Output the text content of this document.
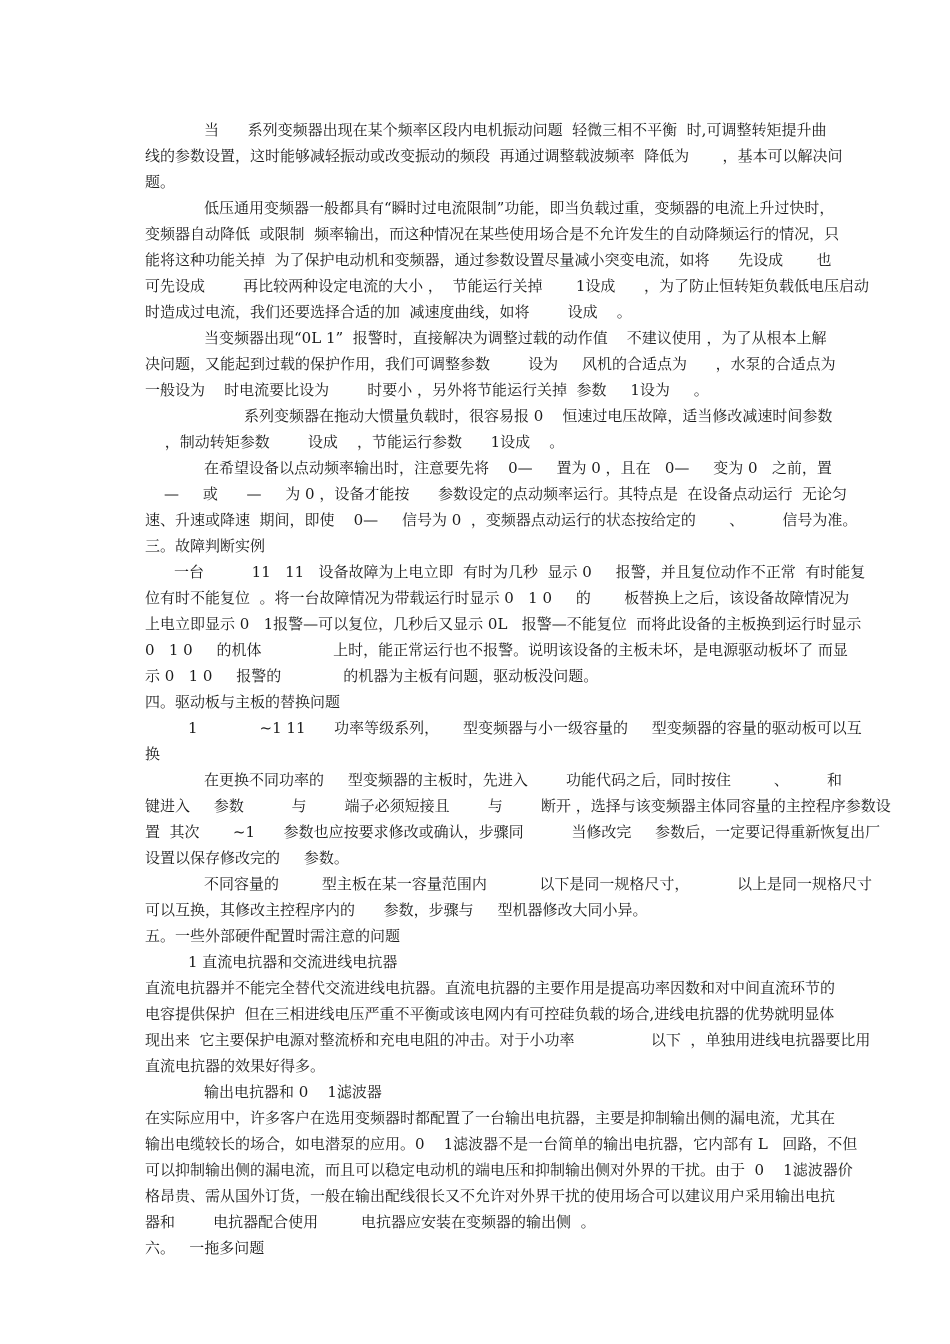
当      系列变频器出现在某个频率区段内电机振动问题  轻微三相不平衡  时,可调整转矩提升曲
线的参数设置，这时能够减轻振动或改变振动的频段  再通过调整载波频率  降低为       ，基本可以解决问
题。
低压通用变频器一般都具有“瞬时过电流限制”功能，即当负载过重，变频器的电流上升过快时，
变频器自动降低  或限制  频率输出，而这种情况在某些使用场合是不允许发生的自动降频运行的情况，只
能将这种功能关掉  为了保护电动机和变频器，通过参数设置尽量减小突变电流，如将      先设成       也
可先设成        再比较两种设定电流的大小 ，  节能运行关掉       1设成      ，为了防止恒转矩负载低电压启动
时造成过电流，我们还要选择合适的加  减速度曲线，如将        设成    。
当变频器出现“0L 1”  报警时，直接解决为调整过载的动作值    不建议使用 ，为了从根本上解
决问题，又能起到过载的保护作用，我们可调整参数        设为     风机的合适点为      ，水泵的合适点为
一般设为    时电流要比设为        时要小 ，另外将节能运行关掉  参数     1设为     。
系列变频器在拖动大惯量负载时，很容易报 0    恒速过电压故障，适当修改减速时间参数
，制动转矩参数        设成    ，节能运行参数      1设成    。
在希望设备以点动频率输出时，注意要先将    0—     置为 0 ，且在   0—     变为 0   之前，置
—     或      —     为 0 ，设备才能按      参数设定的点动频率运行。其特点是  在设备点动运行  无论匀
速、升速或降速  期间，即使    0—     信号为 0  ，变频器点动运行的状态按给定的       、        信号为准。
三。故障判断实例
一台          11   11   设备故障为上电立即  有时为几秒  显示 0     报警，并且复位动作不正常  有时能复
位有时不能复位  。将一台故障情况为带载运行时显示 0   1 0     的       板替换上之后，该设备故障情况为
上电立即显示 0   1报警—可以复位，几秒后又显示 0L   报警—不能复位  而将此设备的主板换到运行时显示
0   1 0     的机体               上时，能正常运行也不报警。说明该设备的主板未坏，是电源驱动板坏了 而显
示 0   1 0     报警的             的机器为主板有问题，驱动板没问题。
四。驱动板与主板的替换问题
1             ~1 11      功率等级系列，     型变频器与小一级容量的     型变频器的容量的驱动板可以互
换
在更换不同功率的     型变频器的主板时，先进入        功能代码之后，同时按住         、        和
键进入     参数          与        端子必须短接且        与        断开 ，选择与该变频器主体同容量的主控程序参数设
置  其次       ~1      参数也应按要求修改或确认，步骤同          当修改完     参数后，一定要记得重新恢复出厂
设置以保存修改完的     参数。
不同容量的         型主板在某一容量范围内           以下是同一规格尺寸，          以上是同一规格尺寸
可以互换，其修改主控程序内的      参数，步骤与     型机器修改大同小异。
五。一些外部硬件配置时需注意的问题
1 直流电抗器和交流进线电抗器
直流电抗器并不能完全替代交流进线电抗器。直流电抗器的主要作用是提高功率因数和对中间直流环节的
电容提供保护  但在三相进线电压严重不平衡或该电网内有可控硅负载的场合,进线电抗器的优势就明显体
现出来  它主要保护电源对整流桥和充电电阻的冲击。对于小功率                以下  ，单独用进线电抗器要比用
直流电抗器的效果好得多。
输出电抗器和 0    1滤波器
在实际应用中，许多客户在选用变频器时都配置了一台输出电抗器，主要是抑制输出侧的漏电流，尤其在
输出电缆较长的场合，如电潜泵的应用。0    1滤波器不是一台简单的输出电抗器，它内部有 L   回路，不但
可以抑制输出侧的漏电流，而且可以稳定电动机的端电压和抑制输出侧对外界的干扰。由于  0    1滤波器价
格昂贵、需从国外订货，一般在输出配线很长又不允许对外界干扰的使用场合可以建议用户采用输出电抗
器和        电抗器配合使用         电抗器应安装在变频器的输出侧  。
六。   一拖多问题
